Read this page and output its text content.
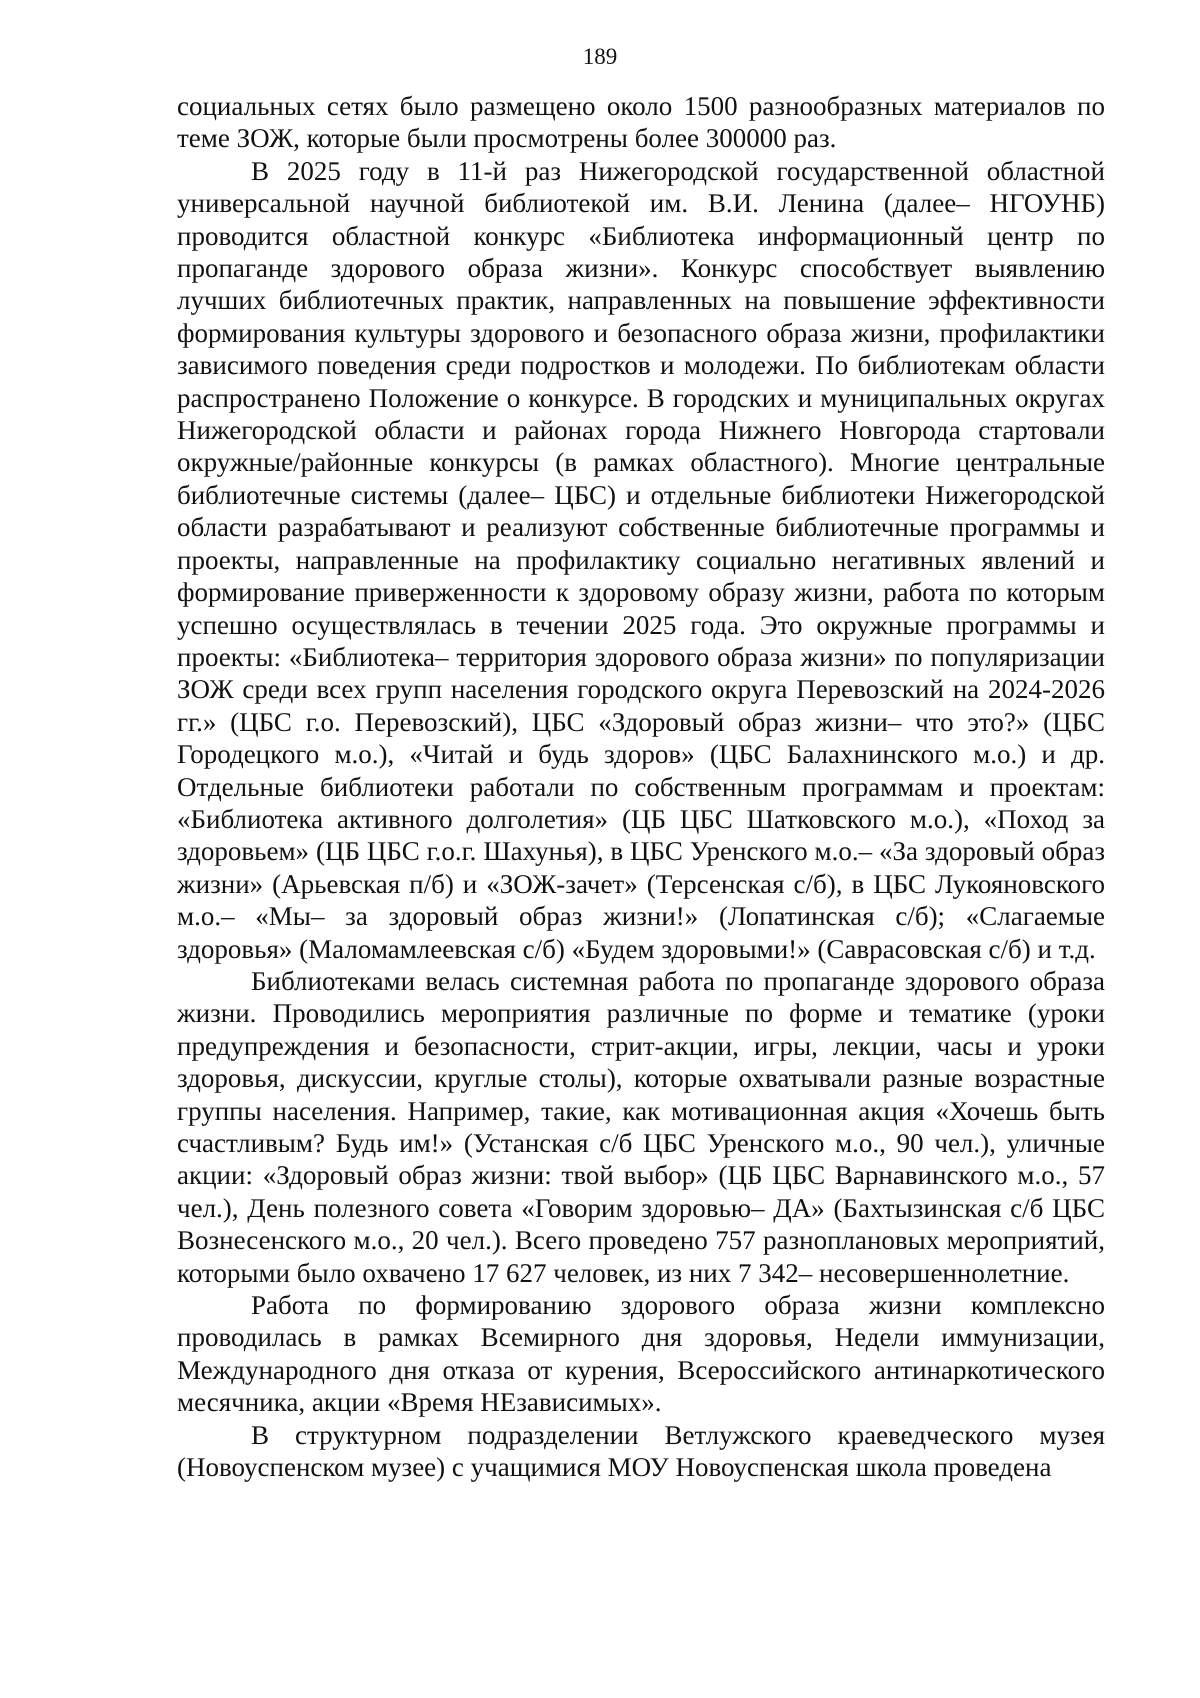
189

социальных сетях было размещено около 1500 разнообразных материалов по теме ЗОЖ, которые были просмотрены более 300000 раз.

В 2025 году в 11-й раз Нижегородской государственной областной универсальной научной библиотекой им. В.И. Ленина (далее– НГОУНБ) проводится областной конкурс «Библиотека информационный центр по пропаганде здорового образа жизни». Конкурс способствует выявлению лучших библиотечных практик, направленных на повышение эффективности формирования культуры здорового и безопасного образа жизни, профилактики зависимого поведения среди подростков и молодежи. По библиотекам области распространено Положение о конкурсе. В городских и муниципальных округах Нижегородской области и районах города Нижнего Новгорода стартовали окружные/районные конкурсы (в рамках областного). Многие центральные библиотечные системы (далее– ЦБС) и отдельные библиотеки Нижегородской области разрабатывают и реализуют собственные библиотечные программы и проекты, направленные на профилактику социально негативных явлений и формирование приверженности к здоровому образу жизни, работа по которым успешно осуществлялась в течении 2025 года. Это окружные программы и проекты: «Библиотека– территория здорового образа жизни» по популяризации ЗОЖ среди всех групп населения городского округа Перевозский на 2024-2026 гг.» (ЦБС г.о. Перевозский), ЦБС «Здоровый образ жизни– что это?» (ЦБС Городецкого м.о.), «Читай и будь здоров» (ЦБС Балахнинского м.о.) и др. Отдельные библиотеки работали по собственным программам и проектам: «Библиотека активного долголетия» (ЦБ ЦБС Шатковского м.о.), «Поход за здоровьем» (ЦБ ЦБС г.о.г. Шахунья), в ЦБС Уренского м.о.– «За здоровый образ жизни» (Арьевская п/б) и «ЗОЖ-зачет» (Терсенская с/б), в ЦБС Лукояновского м.о.– «Мы– за здоровый образ жизни!» (Лопатинская с/б); «Слагаемые здоровья» (Маломамлеевская с/б) «Будем здоровыми!» (Саврасовская с/б) и т.д.

Библиотеками велась системная работа по пропаганде здорового образа жизни. Проводились мероприятия различные по форме и тематике (уроки предупреждения и безопасности, стрит-акции, игры, лекции, часы и уроки здоровья, дискуссии, круглые столы), которые охватывали разные возрастные группы населения. Например, такие, как мотивационная акция «Хочешь быть счастливым? Будь им!» (Устанская с/б ЦБС Уренского м.о., 90 чел.), уличные акции: «Здоровый образ жизни: твой выбор» (ЦБ ЦБС Варнавинского м.о., 57 чел.), День полезного совета «Говорим здоровью– ДА» (Бахтызинская с/б ЦБС Вознесенского м.о., 20 чел.). Всего проведено 757 разноплановых мероприятий, которыми было охвачено 17 627 человек, из них 7 342– несовершеннолетние.

Работа по формированию здорового образа жизни комплексно проводилась в рамках Всемирного дня здоровья, Недели иммунизации, Международного дня отказа от курения, Всероссийского антинаркотического месячника, акции «Время НЕзависимых».

В структурном подразделении Ветлужского краеведческого музея (Новоуспенском музее) с учащимися МОУ Новоуспенская школа проведена
